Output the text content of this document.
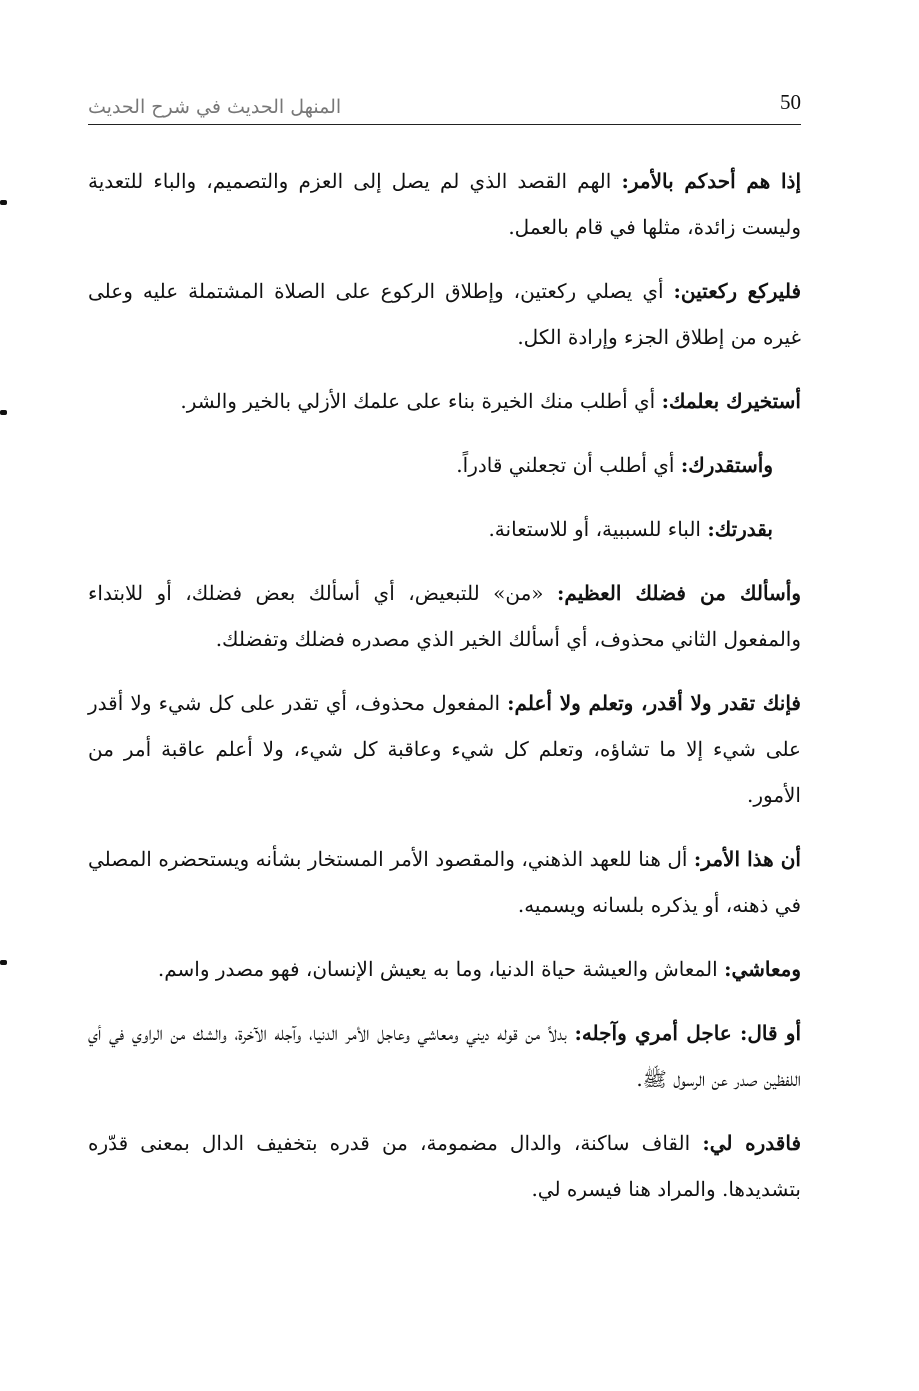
50
المنهل الحديث في شرح الحديث

إذا هم أحدكم بالأمر: الهم القصد الذي لم يصل إلى العزم والتصميم، والباء للتعدية وليست زائدة، مثلها في قام بالعمل.

فليركع ركعتين: أي يصلي ركعتين، وإطلاق الركوع على الصلاة المشتملة عليه وعلى غيره من إطلاق الجزء وإرادة الكل.

أستخيرك بعلمك: أي أطلب منك الخيرة بناء على علمك الأزلي بالخير والشر.

وأستقدرك: أي أطلب أن تجعلني قادراً.

بقدرتك: الباء للسببية، أو للاستعانة.

وأسألك من فضلك العظيم: «من» للتبعيض، أي أسألك بعض فضلك، أو للابتداء والمفعول الثاني محذوف، أي أسألك الخير الذي مصدره فضلك وتفضلك.

فإنك تقدر ولا أقدر، وتعلم ولا أعلم: المفعول محذوف، أي تقدر على كل شيء ولا أقدر على شيء إلا ما تشاؤه، وتعلم كل شيء وعاقبة كل شيء، ولا أعلم عاقبة أمر من الأمور.

أن هذا الأمر: أل هنا للعهد الذهني، والمقصود الأمر المستخار بشأنه ويستحضره المصلي في ذهنه، أو يذكره بلسانه ويسميه.

ومعاشي: المعاش والعيشة حياة الدنيا، وما به يعيش الإنسان، فهو مصدر واسم.

أو قال: عاجل أمري وآجله: بدلاً من قوله ديني ومعاشي وعاجل الأمر الدنيا، وآجله الآخرة، والشك من الراوي في أي اللفظين صدر عن الرسول ﷺ.

فاقدره لي: القاف ساكنة، والدال مضمومة، من قدره بتخفيف الدال بمعنى قدّره بتشديدها. والمراد هنا فيسره لي.
